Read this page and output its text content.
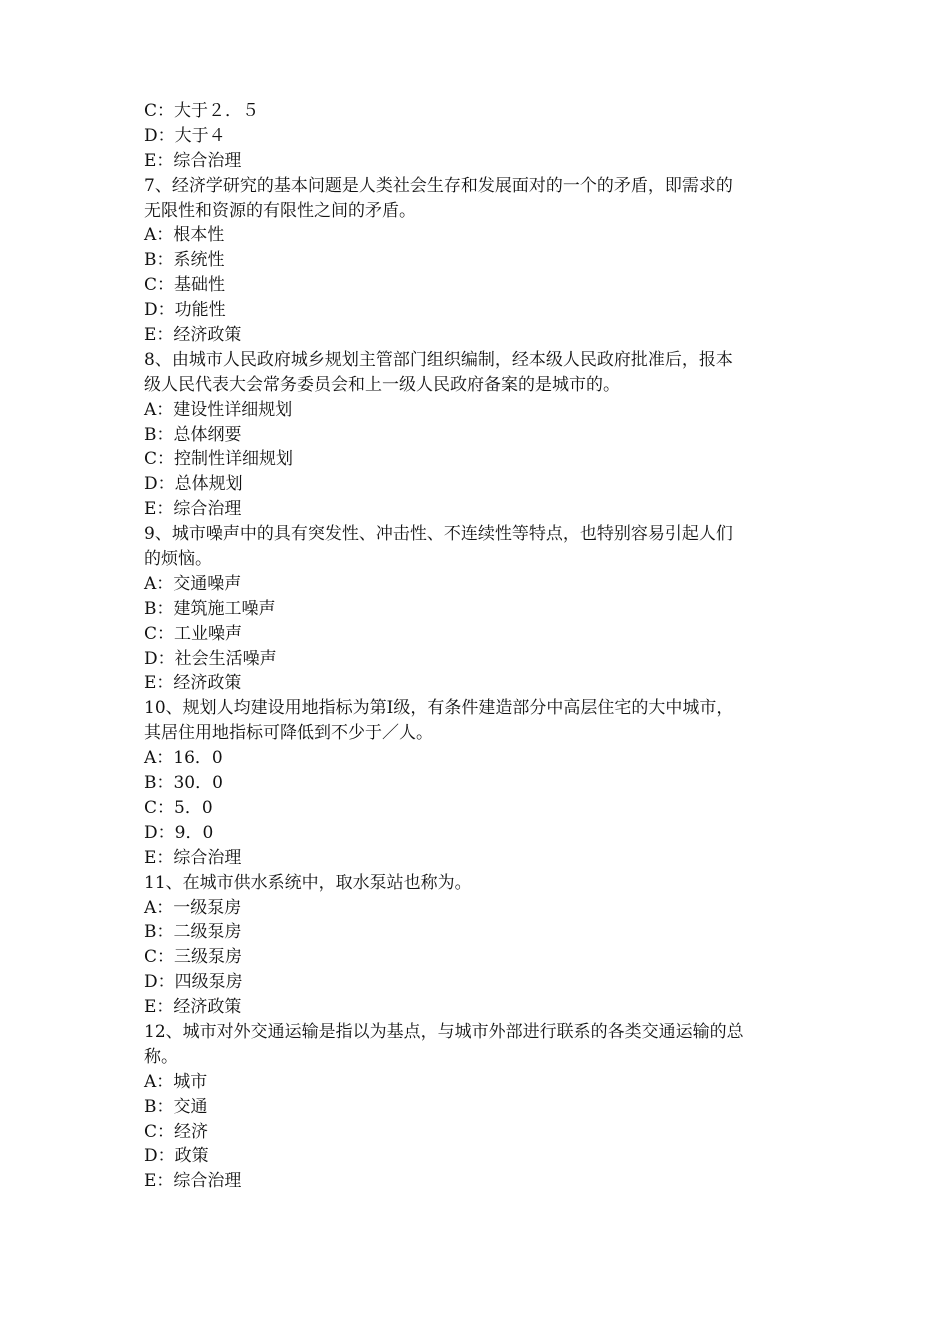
C：大于２．５
D：大于４
E：综合治理
7、经济学研究的基本问题是人类社会生存和发展面对的一个的矛盾，即需求的
无限性和资源的有限性之间的矛盾。
A：根本性
B：系统性
C：基础性
D：功能性
E：经济政策
8、由城市人民政府城乡规划主管部门组织编制，经本级人民政府批准后，报本
级人民代表大会常务委员会和上一级人民政府备案的是城市的。
A：建设性详细规划
B：总体纲要
C：控制性详细规划
D：总体规划
E：综合治理
9、城市噪声中的具有突发性、冲击性、不连续性等特点，也特别容易引起人们
的烦恼。
A：交通噪声
B：建筑施工噪声
C：工业噪声
D：社会生活噪声
E：经济政策
10、规划人均建设用地指标为第Ⅰ级，有条件建造部分中高层住宅的大中城市，
其居住用地指标可降低到不少于／人。
A：16．0
B：30．0
C：5．0
D：9．0
E：综合治理
11、在城市供水系统中，取水泵站也称为。
A：一级泵房
B：二级泵房
C：三级泵房
D：四级泵房
E：经济政策
12、城市对外交通运输是指以为基点，与城市外部进行联系的各类交通运输的总
称。
A：城市
B：交通
C：经济
D：政策
E：综合治理
